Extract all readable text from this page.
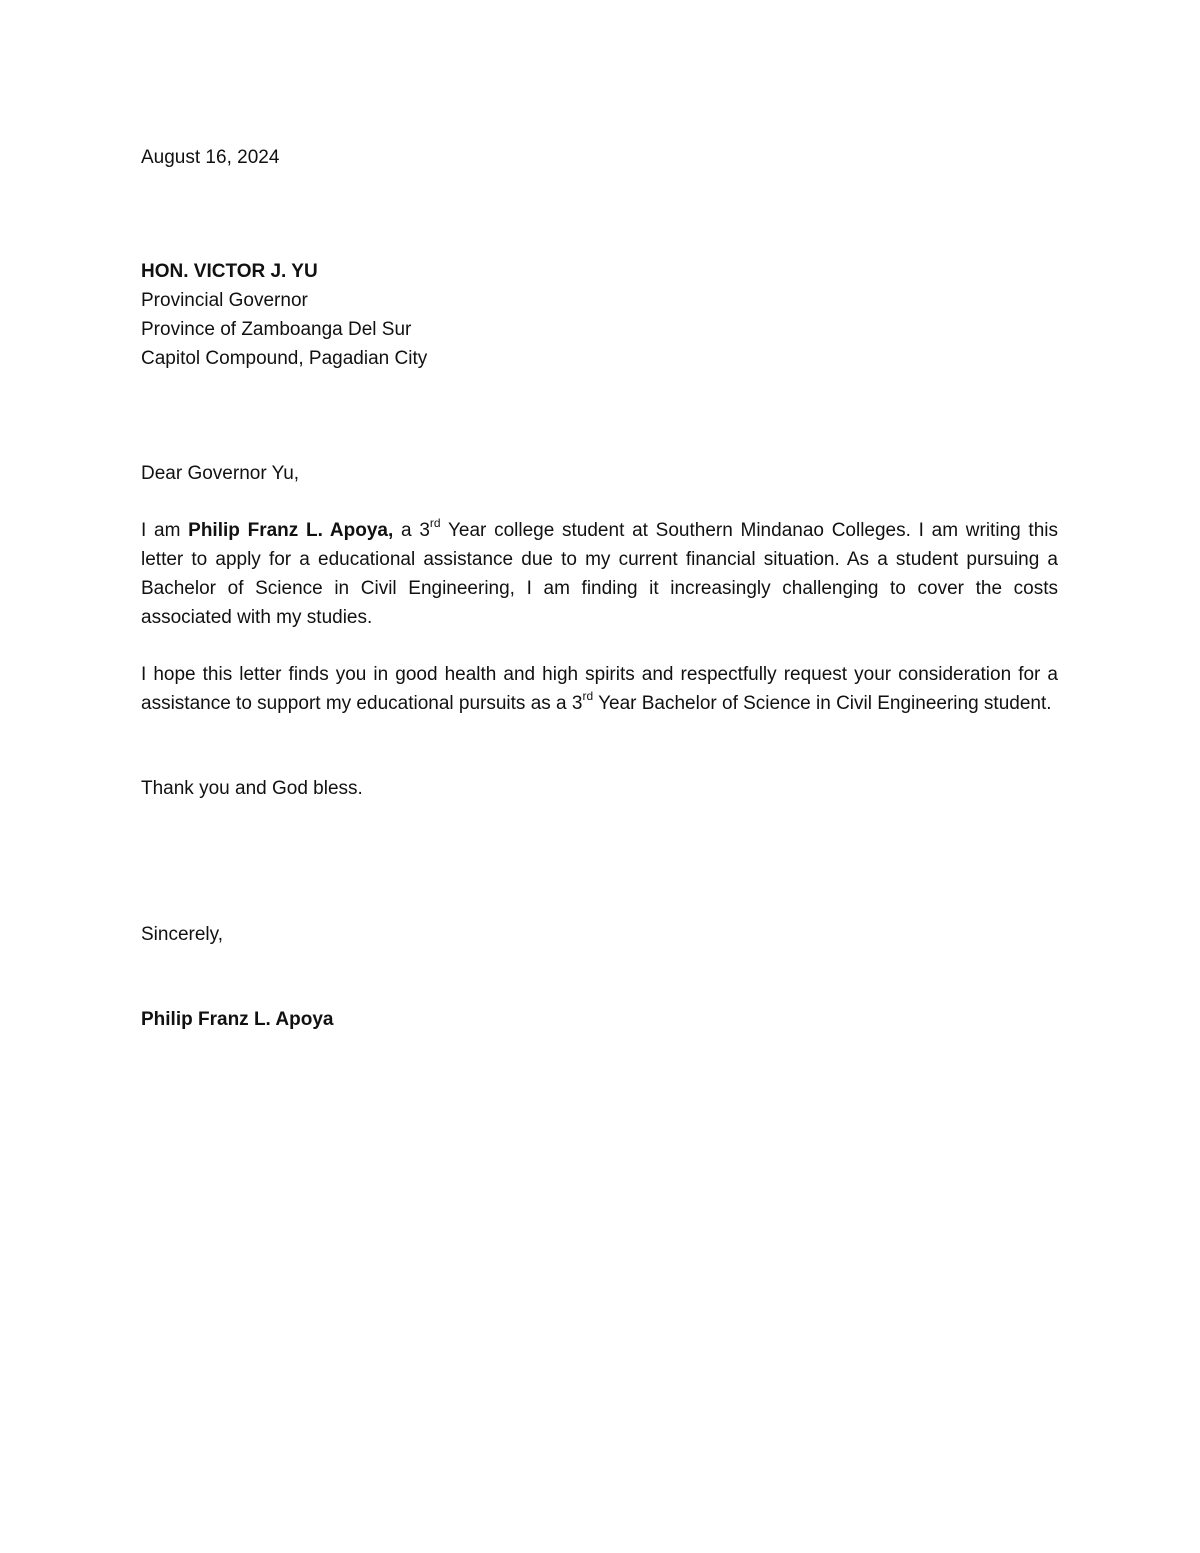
August 16, 2024

HON. VICTOR J. YU
Provincial Governor
Province of Zamboanga Del Sur
Capitol Compound, Pagadian City

Dear Governor Yu,

I am Philip Franz L. Apoya, a 3rd Year college student at Southern Mindanao Colleges. I am writing this letter to apply for a educational assistance due to my current financial situation. As a student pursuing a Bachelor of Science in Civil Engineering, I am finding it increasingly challenging to cover the costs associated with my studies.

I hope this letter finds you in good health and high spirits and respectfully request your consideration for a assistance to support my educational pursuits as a 3rd Year Bachelor of Science in Civil Engineering student.

Thank you and God bless.

Sincerely,

Philip Franz L. Apoya
